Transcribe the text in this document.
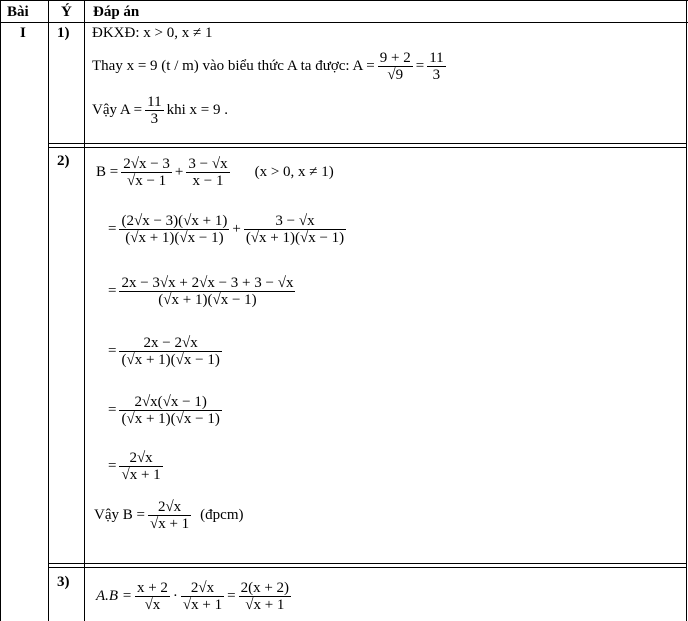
Bài Ý Đáp án
I 1) ĐKXĐ: x > 0, x ≠ 1
Thay x = 9 (t / m) vào biểu thức A ta được: $A = \frac{9 + 2}{√9} = \frac{11}{3}$
Vậy $A = \frac{11}{3}$ khi x = 9 .
2)
$B = \frac{2√x - 3}{√x - 1} + \frac{3 - √x}{x - 1} (x > 0$, x ≠ 1)
= $\frac{(2√x - 3)(√x + 1)}{(√x + 1)(√x - 1)} + \frac{3 - √x}{(√x + 1)(√x - 1)}$
= $\frac{2x - 3√x + 2√x - 3 + 3 - √x}{(√x + 1)(√x - 1)}$
= $\frac{2x - 2√x}{(√x + 1)(√x - 1)}$
= $\frac{2√x(√x - 1)}{(√x + 1)(√x - 1)}$
= $\frac{2√x}{√x + 1}$
Vậy $B = \frac{2√x}{√x + 1}$ (đpcm)
3)
$A.B = \frac{x + 2}{√x} \cdot \frac{2√x}{√x + 1} = \frac{2(x + 2)}{√x + 1}$
